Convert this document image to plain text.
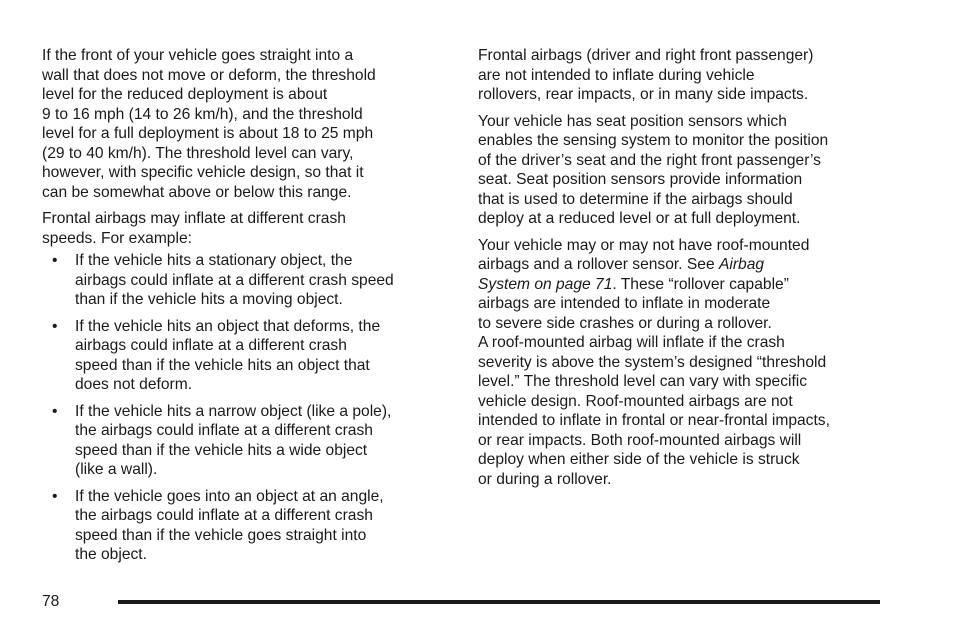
If the front of your vehicle goes straight into a
wall that does not move or deform, the threshold
level for the reduced deployment is about
9 to 16 mph (14 to 26 km/h), and the threshold
level for a full deployment is about 18 to 25 mph
(29 to 40 km/h). The threshold level can vary,
however, with specific vehicle design, so that it
can be somewhat above or below this range.

Frontal airbags may inflate at different crash
speeds. For example:

• If the vehicle hits a stationary object, the
airbags could inflate at a different crash speed
than if the vehicle hits a moving object.
• If the vehicle hits an object that deforms, the
airbags could inflate at a different crash
speed than if the vehicle hits an object that
does not deform.
• If the vehicle hits a narrow object (like a pole),
the airbags could inflate at a different crash
speed than if the vehicle hits a wide object
(like a wall).
• If the vehicle goes into an object at an angle,
the airbags could inflate at a different crash
speed than if the vehicle goes straight into
the object.

Frontal airbags (driver and right front passenger)
are not intended to inflate during vehicle
rollovers, rear impacts, or in many side impacts.

Your vehicle has seat position sensors which
enables the sensing system to monitor the position
of the driver’s seat and the right front passenger’s
seat. Seat position sensors provide information
that is used to determine if the airbags should
deploy at a reduced level or at full deployment.

Your vehicle may or may not have roof-mounted
airbags and a rollover sensor. See Airbag
System on page 71. These “rollover capable”
airbags are intended to inflate in moderate
to severe side crashes or during a rollover.
A roof-mounted airbag will inflate if the crash
severity is above the system’s designed “threshold
level.” The threshold level can vary with specific
vehicle design. Roof-mounted airbags are not
intended to inflate in frontal or near-frontal impacts,
or rear impacts. Both roof-mounted airbags will
deploy when either side of the vehicle is struck
or during a rollover.

78
